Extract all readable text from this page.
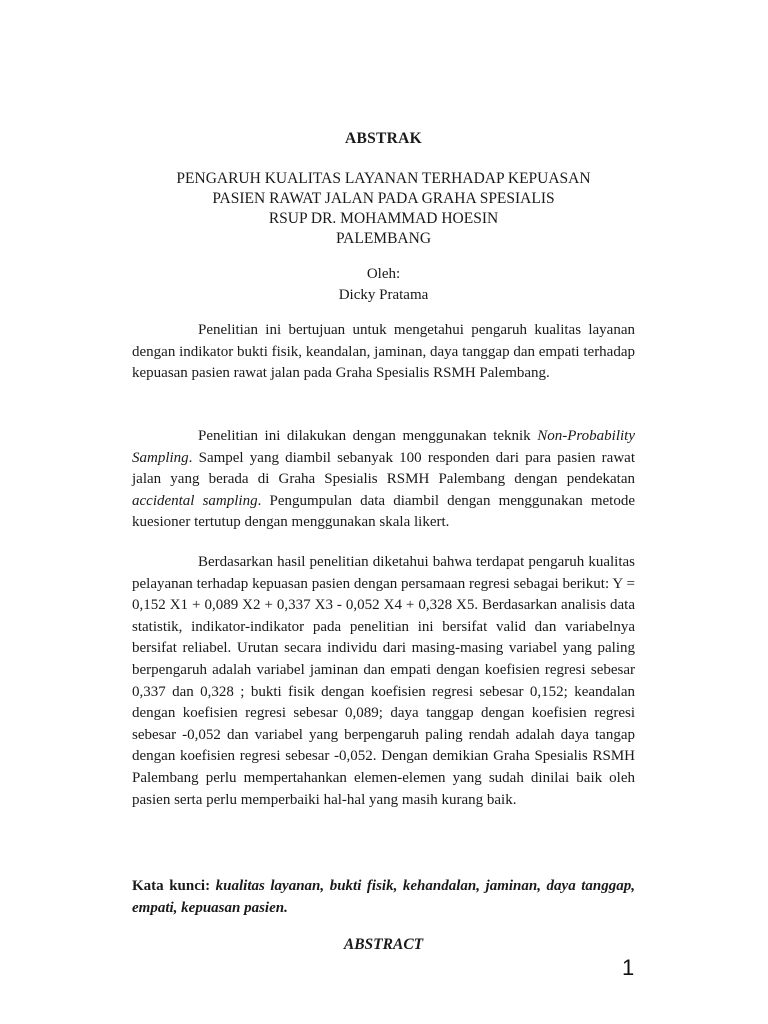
ABSTRAK
PENGARUH KUALITAS LAYANAN TERHADAP KEPUASAN
PASIEN RAWAT JALAN PADA GRAHA SPESIALIS
RSUP DR. MOHAMMAD HOESIN
PALEMBANG
Oleh:
Dicky Pratama

Penelitian ini bertujuan untuk mengetahui pengaruh kualitas layanan dengan indikator bukti fisik, keandalan, jaminan, daya tanggap dan empati terhadap kepuasan pasien rawat jalan pada Graha Spesialis RSMH Palembang.

Penelitian ini dilakukan dengan menggunakan teknik Non-Probability Sampling. Sampel yang diambil sebanyak 100 responden dari para pasien rawat jalan yang berada di Graha Spesialis RSMH Palembang dengan pendekatan accidental sampling. Pengumpulan data diambil dengan menggunakan metode kuesioner tertutup dengan menggunakan skala likert.

Berdasarkan hasil penelitian diketahui bahwa terdapat pengaruh kualitas pelayanan terhadap kepuasan pasien dengan persamaan regresi sebagai berikut: Y = 0,152 X1 + 0,089 X2 + 0,337 X3 - 0,052 X4 + 0,328 X5. Berdasarkan analisis data statistik, indikator-indikator pada penelitian ini bersifat valid dan variabelnya bersifat reliabel. Urutan secara individu dari masing-masing variabel yang paling berpengaruh adalah variabel jaminan dan empati dengan koefisien regresi sebesar 0,337 dan 0,328 ; bukti fisik dengan koefisien regresi sebesar 0,152; keandalan dengan koefisien regresi sebesar 0,089; daya tanggap dengan koefisien regresi sebesar -0,052 dan variabel yang berpengaruh paling rendah adalah daya tangap dengan koefisien regresi sebesar -0,052. Dengan demikian Graha Spesialis RSMH Palembang perlu mempertahankan elemen-elemen yang sudah dinilai baik oleh pasien serta perlu memperbaiki hal-hal yang masih kurang baik.

Kata kunci: kualitas layanan, bukti fisik, kehandalan, jaminan, daya tanggap, empati, kepuasan pasien.

ABSTRACT
1
